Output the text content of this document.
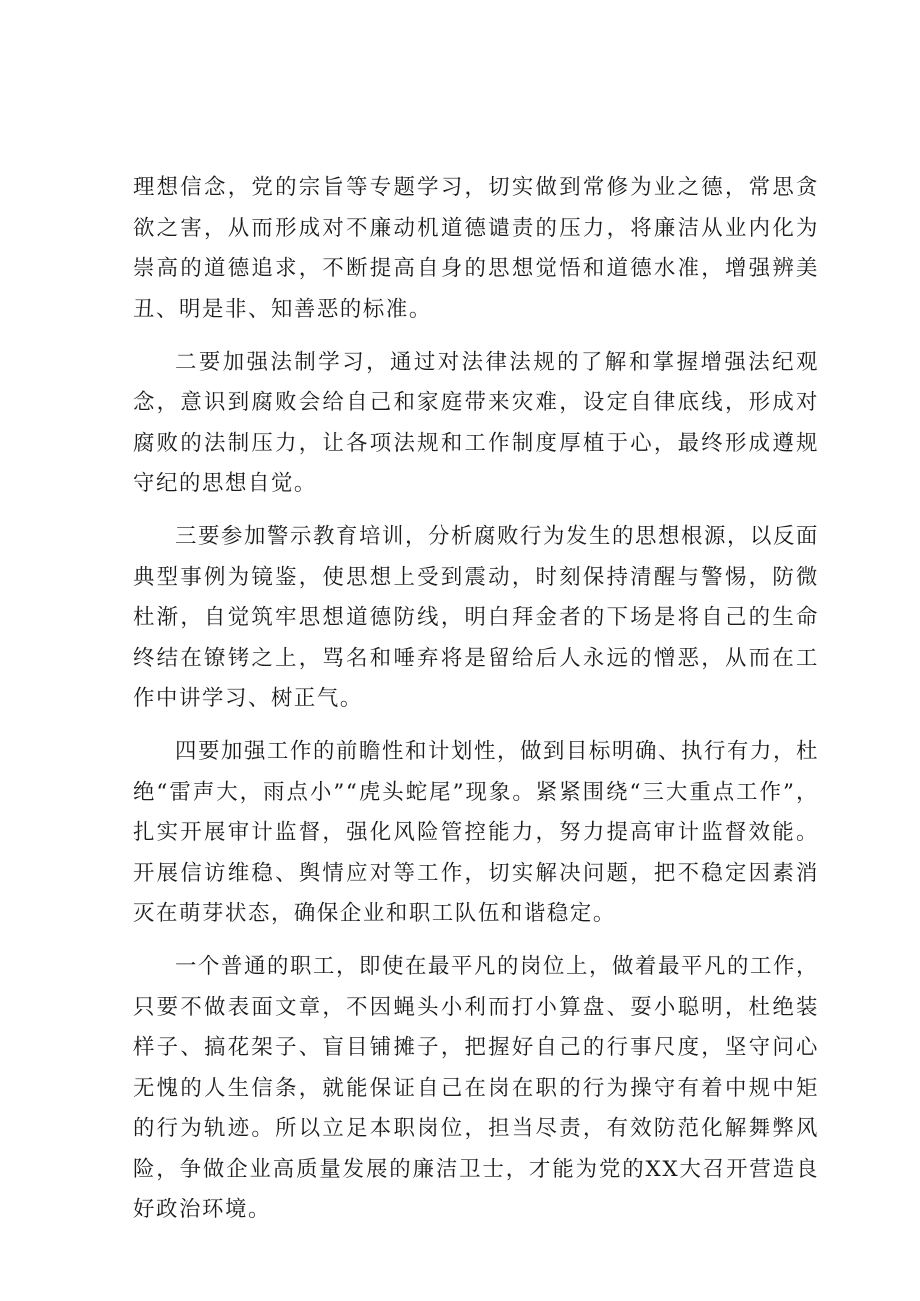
理想信念，党的宗旨等专题学习，切实做到常修为业之德，常思贪欲之害，从而形成对不廉动机道德谴责的压力，将廉洁从业内化为崇高的道德追求，不断提高自身的思想觉悟和道德水准，增强辨美丑、明是非、知善恶的标准。

二要加强法制学习，通过对法律法规的了解和掌握增强法纪观念，意识到腐败会给自己和家庭带来灾难，设定自律底线，形成对腐败的法制压力，让各项法规和工作制度厚植于心，最终形成遵规守纪的思想自觉。

三要参加警示教育培训，分析腐败行为发生的思想根源，以反面典型事例为镜鉴，使思想上受到震动，时刻保持清醒与警惕，防微杜渐，自觉筑牢思想道德防线，明白拜金者的下场是将自己的生命终结在镣铐之上，骂名和唾弃将是留给后人永远的憎恶，从而在工作中讲学习、树正气。

四要加强工作的前瞻性和计划性，做到目标明确、执行有力，杜绝“雷声大，雨点小”“虎头蛇尾”现象。紧紧围绕“三大重点工作”，扎实开展审计监督，强化风险管控能力，努力提高审计监督效能。开展信访维稳、舆情应对等工作，切实解决问题，把不稳定因素消灭在萌芽状态，确保企业和职工队伍和谐稳定。

一个普通的职工，即使在最平凡的岗位上，做着最平凡的工作，只要不做表面文章，不因蝇头小利而打小算盘、耍小聪明，杜绝装样子、搞花架子、盲目铺摊子，把握好自己的行事尺度，坚守问心无愧的人生信条，就能保证自己在岗在职的行为操守有着中规中矩的行为轨迹。所以立足本职岗位，担当尽责，有效防范化解舞弊风险，争做企业高质量发展的廉洁卫士，才能为党的XX大召开营造良好政治环境。
